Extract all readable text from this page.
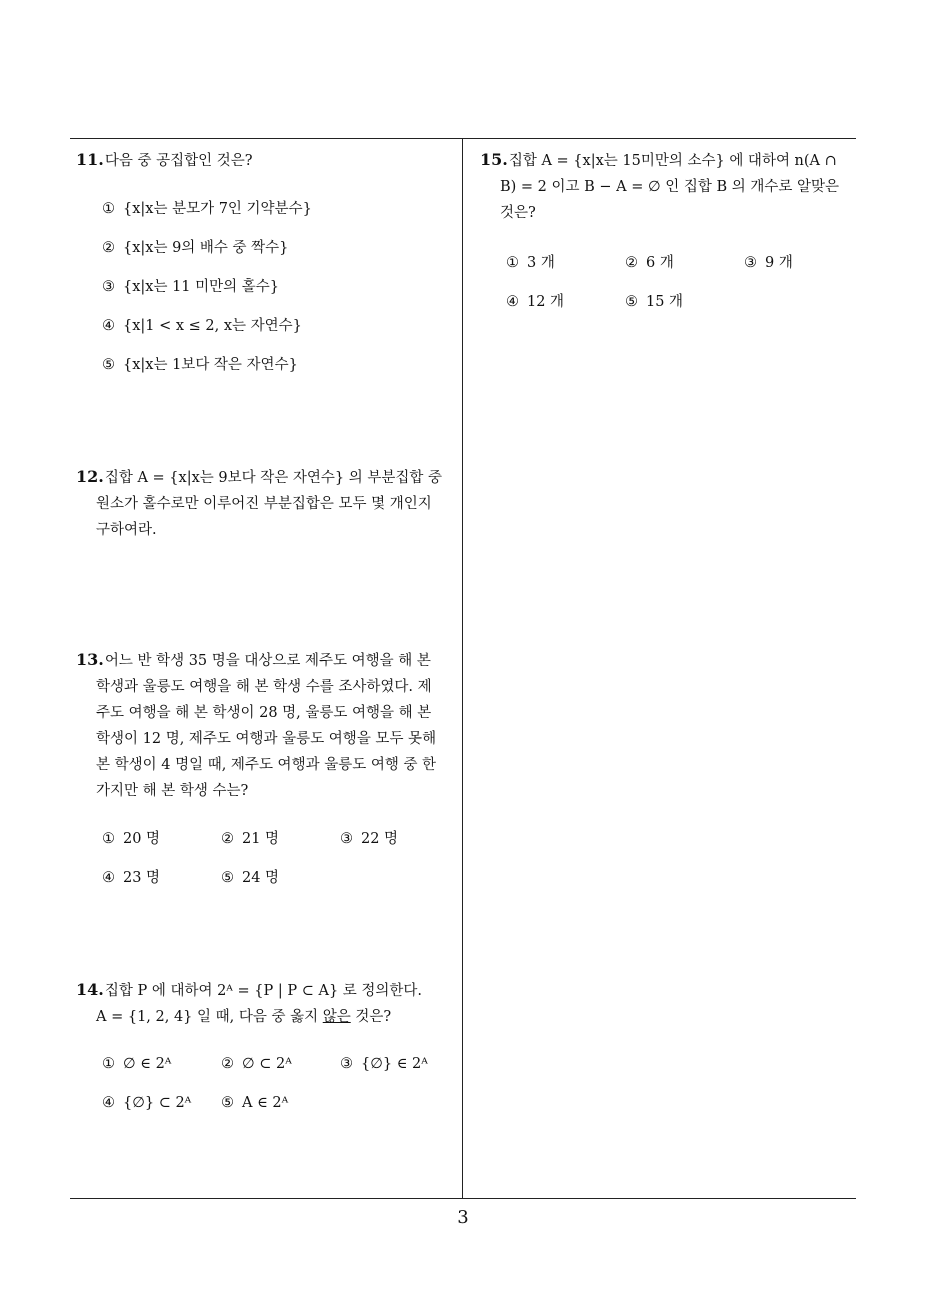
11.다음 중 공집합인 것은?
① {x|x는 분모가 7인 기약분수}
② {x|x는 9의 배수 중 짝수}
③ {x|x는 11 미만의 홀수}
④ {x|1 < x ≤ 2, x는 자연수}
⑤ {x|x는 1보다 작은 자연수}
12.집합 A = {x|x는 9보다 작은 자연수} 의 부분집합 중
원소가 홀수로만 이루어진 부분집합은 모두 몇 개인지
구하여라.
13.어느 반 학생 35 명을 대상으로 제주도 여행을 해 본
학생과 울릉도 여행을 해 본 학생 수를 조사하였다. 제
주도 여행을 해 본 학생이 28 명, 울릉도 여행을 해 본
학생이 12 명, 제주도 여행과 울릉도 여행을 모두 못해
본 학생이 4 명일 때, 제주도 여행과 울릉도 여행 중 한
가지만 해 본 학생 수는?
① 20 명	② 21 명	③ 22 명
④ 23 명	⑤ 24 명
14.집합 P 에 대하여 2ᴬ = {P | P ⊂ A} 로 정의한다.
A = {1, 2, 4} 일 때, 다음 중 옳지 않은 것은?
① ∅ ∈ 2ᴬ	② ∅ ⊂ 2ᴬ	③ {∅} ∈ 2ᴬ
④ {∅} ⊂ 2ᴬ ⑤ A ∈ 2ᴬ
15.집합 A = {x|x는 15미만의 소수} 에 대하여 n(A ∩
B) = 2 이고 B − A = ∅ 인 집합 B 의 개수로 알맞은
것은?
① 3 개	② 6 개	③ 9 개
④ 12 개	⑤ 15 개
3
